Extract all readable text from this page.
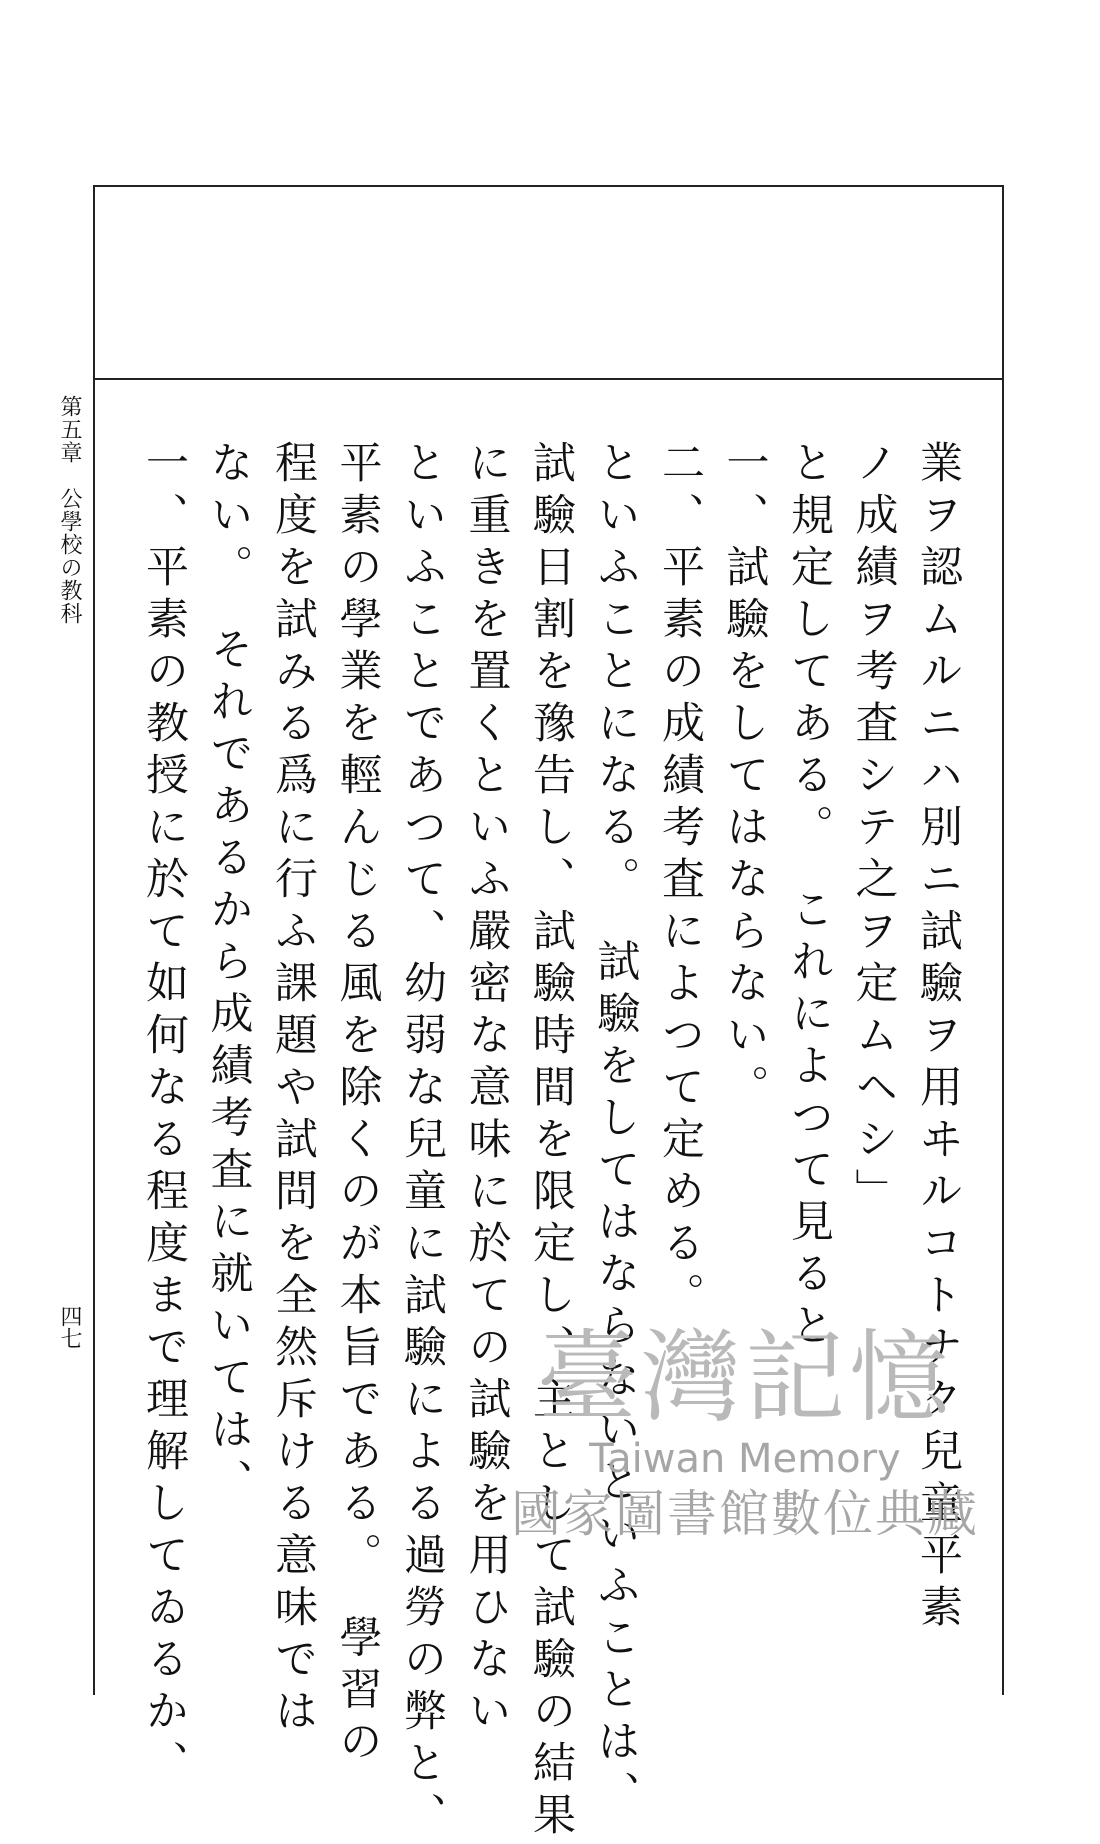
第五章　公學校の教科
四七	業ヲ認ムルニハ別ニ試驗ヲ用ヰルコトナク兒童平素
ノ成績ヲ考査シテ之ヲ定ムヘシ」
と規定してある。　これによつて見ると
一、試驗をしてはならない。
二、平素の成績考査によつて定める。
といふことになる。　試驗をしてはならないといふことは、
試驗日割を豫告し、試驗時間を限定し、主として試驗の結果
に重きを置くといふ嚴密な意味に於ての試驗を用ひない
といふことであつて、幼弱な兒童に試驗による過勞の弊と、
平素の學業を輕んじる風を除くのが本旨である。　學習の
程度を試みる爲に行ふ課題や試問を全然斥ける意味では
ない。　それであるから成績考査に就いては、
一、平素の教授に於て如何なる程度まで理解してゐるか、	臺灣記憶
Taiwan Memory
國家圖書館數位典藏
